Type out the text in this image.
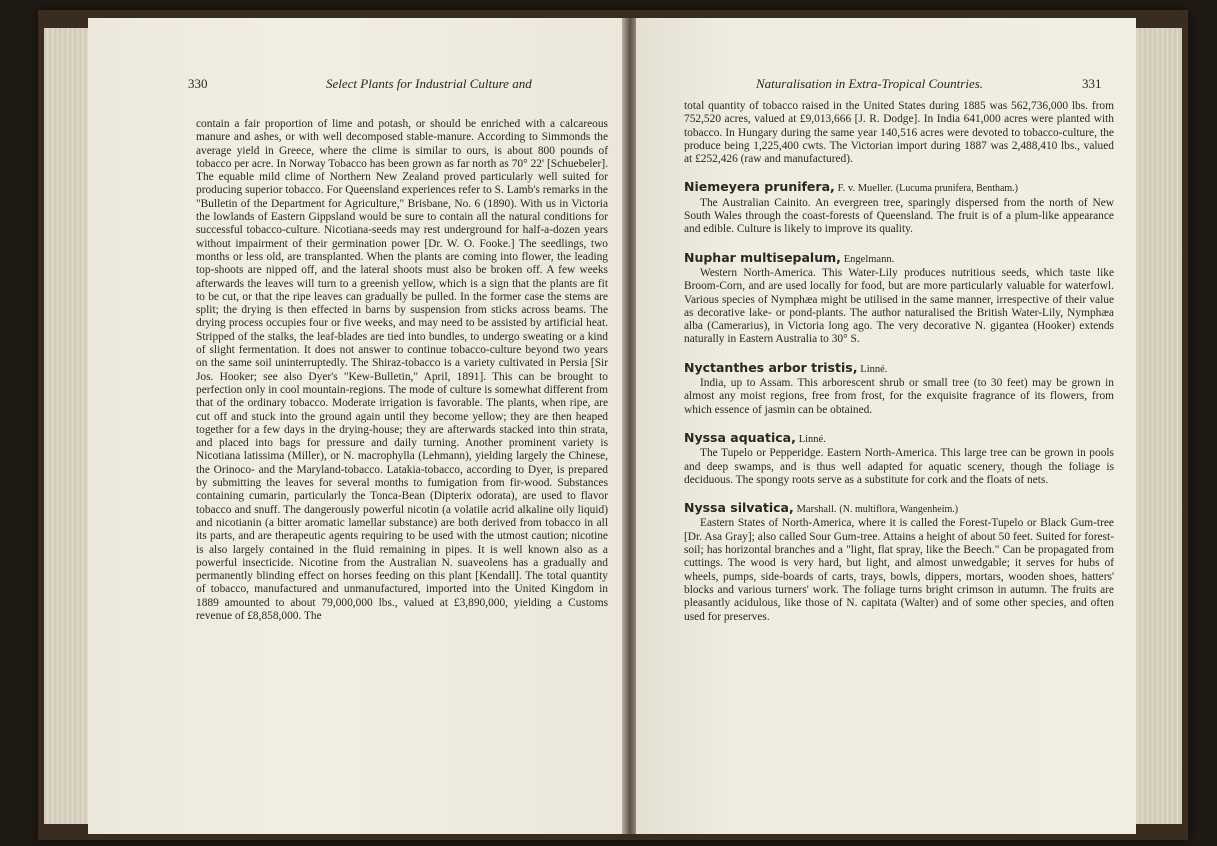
330	Select Plants for Industrial Culture and

contain a fair proportion of lime and potash, or should be enriched with a calcareous manure and ashes, or with well decomposed stable-manure. According to Simmonds the average yield in Greece, where the clime is similar to ours, is about 800 pounds of tobacco per acre. In Norway Tobacco has been grown as far north as 70° 22' [Schuebeler]. The equable mild clime of Northern New Zealand proved particularly well suited for producing superior tobacco. For Queensland experiences refer to S. Lamb's remarks in the "Bulletin of the Department for Agriculture," Brisbane, No. 6 (1890). With us in Victoria the lowlands of Eastern Gippsland would be sure to contain all the natural conditions for successful tobacco-culture. Nicotiana-seeds may rest underground for half-a-dozen years without impairment of their germination power [Dr. W. O. Fooke.] The seedlings, two months or less old, are transplanted. When the plants are coming into flower, the leading top-shoots are nipped off, and the lateral shoots must also be broken off. A few weeks afterwards the leaves will turn to a greenish yellow, which is a sign that the plants are fit to be cut, or that the ripe leaves can gradually be pulled. In the former case the stems are split; the drying is then effected in barns by suspension from sticks across beams. The drying process occupies four or five weeks, and may need to be assisted by artificial heat. Stripped of the stalks, the leaf-blades are tied into bundles, to undergo sweating or a kind of slight fermentation. It does not answer to continue tobacco-culture beyond two years on the same soil uninterruptedly. The Shiraz-tobacco is a variety cultivated in Persia [Sir Jos. Hooker; see also Dyer's "Kew-Bulletin," April, 1891]. This can be brought to perfection only in cool mountain-regions. The mode of culture is somewhat different from that of the ordinary tobacco. Moderate irrigation is favorable. The plants, when ripe, are cut off and stuck into the ground again until they become yellow; they are then heaped together for a few days in the drying-house; they are afterwards stacked into thin strata, and placed into bags for pressure and daily turning. Another prominent variety is Nicotiana latissima (Miller), or N. macrophylla (Lehmann), yielding largely the Chinese, the Orinoco- and the Maryland-tobacco. Latakia-tobacco, according to Dyer, is prepared by submitting the leaves for several months to fumigation from fir-wood. Substances containing cumarin, particularly the Tonca-Bean (Dipterix odorata), are used to flavor tobacco and snuff. The dangerously powerful nicotin (a volatile acrid alkaline oily liquid) and nicotianin (a bitter aromatic lamellar substance) are both derived from tobacco in all its parts, and are therapeutic agents requiring to be used with the utmost caution; nicotine is also largely contained in the fluid remaining in pipes. It is well known also as a powerful insecticide. Nicotine from the Australian N. suaveolens has a gradually and permanently blinding effect on horses feeding on this plant [Kendall]. The total quantity of tobacco, manufactured and unmanufactured, imported into the United Kingdom in 1889 amounted to about 79,000,000 lbs., valued at £3,890,000, yielding a Customs revenue of £8,858,000. The

Naturalisation in Extra-Tropical Countries.	331

total quantity of tobacco raised in the United States during 1885 was 562,736,000 lbs. from 752,520 acres, valued at £9,013,666 [J. R. Dodge]. In India 641,000 acres were planted with tobacco. In Hungary during the same year 140,516 acres were devoted to tobacco-culture, the produce being 1,225,400 cwts. The Victorian import during 1887 was 2,488,410 lbs., valued at £252,426 (raw and manufactured).

Niemeyera prunifera, F. v. Mueller. (Lucuma prunifera, Bentham.)
The Australian Cainito. An evergreen tree, sparingly dispersed from the north of New South Wales through the coast-forests of Queensland. The fruit is of a plum-like appearance and edible. Culture is likely to improve its quality.
Nuphar multisepalum, Engelmann.
Western North-America. This Water-Lily produces nutritious seeds, which taste like Broom-Corn, and are used locally for food, but are more particularly valuable for waterfowl. Various species of Nymphæa might be utilised in the same manner, irrespective of their value as decorative lake- or pond-plants. The author naturalised the British Water-Lily, Nymphæa alba (Camerarius), in Victoria long ago. The very decorative N. gigantea (Hooker) extends naturally in Eastern Australia to 30° S.
Nyctanthes arbor tristis, Linné.
India, up to Assam. This arborescent shrub or small tree (to 30 feet) may be grown in almost any moist regions, free from frost, for the exquisite fragrance of its flowers, from which essence of jasmin can be obtained.
Nyssa aquatica, Linné.
The Tupelo or Pepperidge. Eastern North-America. This large tree can be grown in pools and deep swamps, and is thus well adapted for aquatic scenery, though the foliage is deciduous. The spongy roots serve as a substitute for cork and the floats of nets.
Nyssa silvatica, Marshall. (N. multiflora, Wangenheim.)
Eastern States of North-America, where it is called the Forest-Tupelo or Black Gum-tree [Dr. Asa Gray]; also called Sour Gum-tree. Attains a height of about 50 feet. Suited for forest-soil; has horizontal branches and a "light, flat spray, like the Beech." Can be propagated from cuttings. The wood is very hard, but light, and almost unwedgable; it serves for hubs of wheels, pumps, side-boards of carts, trays, bowls, dippers, mortars, wooden shoes, hatters' blocks and various turners' work. The foliage turns bright crimson in autumn. The fruits are pleasantly acidulous, like those of N. capitata (Walter) and of some other species, and often used for preserves.
